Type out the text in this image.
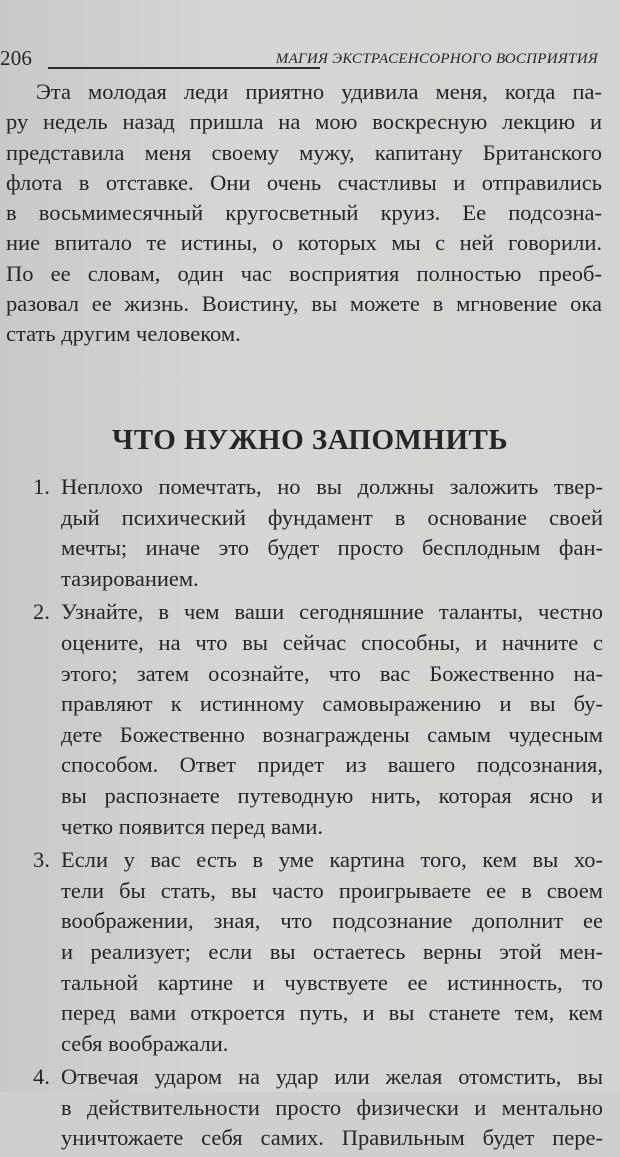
206	МАГИЯ ЭКСТРАСЕНСОРНОГО ВОСПРИЯТИЯ
Эта молодая леди приятно удивила меня, когда па-
ру недель назад пришла на мою воскресную лекцию и
представила меня своему мужу, капитану Британского
флота в отставке. Они очень счастливы и отправились
в восьмимесячный кругосветный круиз. Ее подсозна-
ние впитало те истины, о которых мы с ней говорили.
По ее словам, один час восприятия полностью преоб-
разовал ее жизнь. Воистину, вы можете в мгновение ока
стать другим человеком.
ЧТО НУЖНО ЗАПОМНИТЬ
1. Неплохо помечтать, но вы должны заложить твер-
дый психический фундамент в основание своей
мечты; иначе это будет просто бесплодным фан-
тазированием.
2. Узнайте, в чем ваши сегодняшние таланты, честно
оцените, на что вы сейчас способны, и начните с
этого; затем осознайте, что вас Божественно на-
правляют к истинному самовыражению и вы бу-
дете Божественно вознаграждены самым чудесным
способом. Ответ придет из вашего подсознания,
вы распознаете путеводную нить, которая ясно и
четко появится перед вами.
3. Если у вас есть в уме картина того, кем вы хо-
тели бы стать, вы часто проигрываете ее в своем
воображении, зная, что подсознание дополнит ее
и реализует; если вы остаетесь верны этой мен-
тальной картине и чувствуете ее истинность, то
перед вами откроется путь, и вы станете тем, кем
себя воображали.
4. Отвечая ударом на удар или желая отомстить, вы
в действительности просто физически и ментально
уничтожаете себя самих. Правильным будет пере-
